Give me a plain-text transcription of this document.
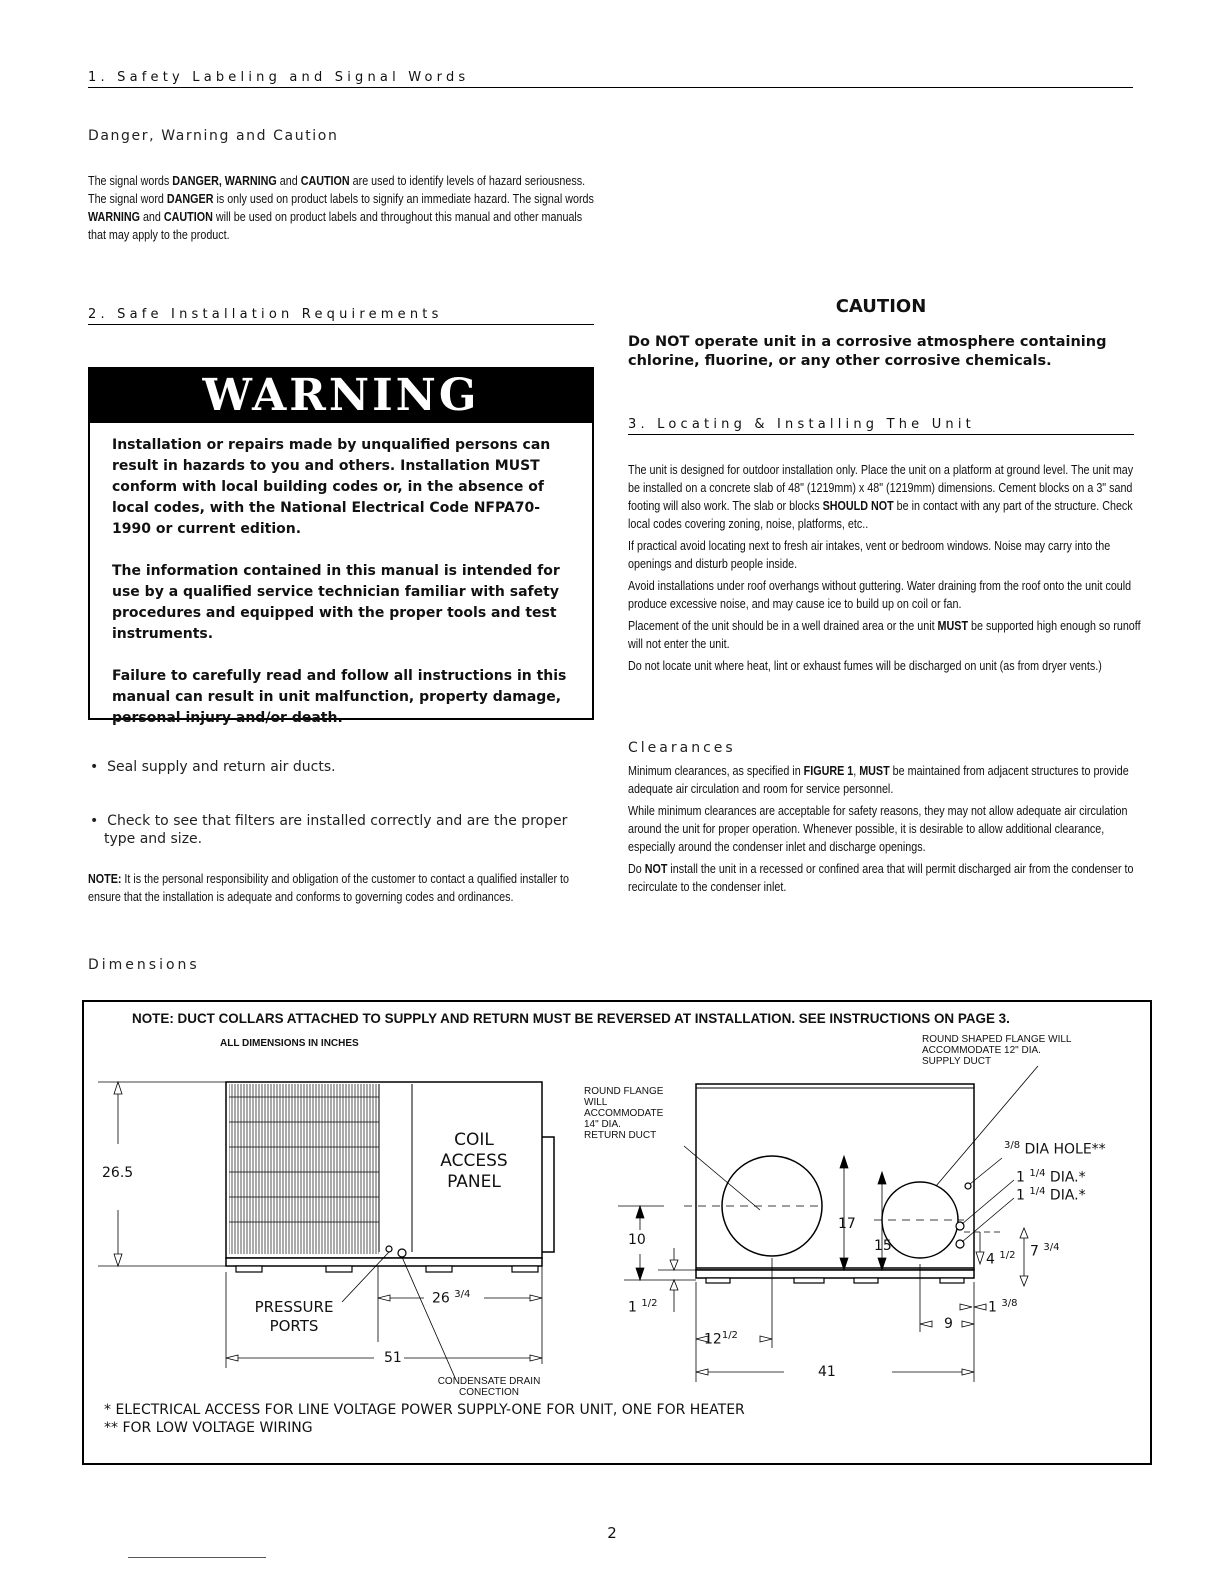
1. Safety Labeling and Signal Words
Danger, Warning and Caution
The signal words DANGER, WARNING and CAUTION are used to identify levels of hazard seriousness. The signal word DANGER is only used on product labels to signify an immediate hazard. The signal words WARNING and CAUTION will be used on product labels and throughout this manual and other manuals that may apply to the product.
2. Safe Installation Requirements
WARNING

Installation or repairs made by unqualified persons can result in hazards to you and others. Installation MUST conform with local building codes or, in the absence of local codes, with the National Electrical Code NFPA70-1990 or current edition.

The information contained in this manual is intended for use by a qualified service technician familiar with safety procedures and equipped with the proper tools and test instruments.

Failure to carefully read and follow all instructions in this manual can result in unit malfunction, property damage, personal injury and/or death.

•  Seal supply and return air ducts.
•  Check to see that filters are installed correctly and are the proper type and size.
NOTE: It is the personal responsibility and obligation of the customer to contact a qualified installer to ensure that the installation is adequate and conforms to governing codes and ordinances.
CAUTION
Do NOT operate unit in a corrosive atmosphere containing chlorine, fluorine, or any other corrosive chemicals.
3. Locating & Installing The Unit
The unit is designed for outdoor installation only. Place the unit on a platform at ground level. The unit may be installed on a concrete slab of 48" (1219mm) x 48" (1219mm) dimensions. Cement blocks on a 3" sand footing will also work. The slab or blocks SHOULD NOT be in contact with any part of the structure. Check local codes covering zoning, noise, platforms, etc..
If practical avoid locating next to fresh air intakes, vent or bedroom windows. Noise may carry into the openings and disturb people inside.
Avoid installations under roof overhangs without guttering. Water draining from the roof onto the unit could produce excessive noise, and may cause ice to build up on coil or fan.
Placement of the unit should be in a well drained area or the unit MUST be supported high enough so runoff will not enter the unit.
Do not locate unit where heat, lint or exhaust fumes will be discharged on unit (as from dryer vents.)
Clearances
Minimum clearances, as specified in FIGURE 1, MUST be maintained from adjacent structures to provide adequate air circulation and room for service personnel.
While minimum clearances are acceptable for safety reasons, they may not allow adequate air circulation around the unit for proper operation. Whenever possible, it is desirable to allow additional clearance, especially around the condenser inlet and discharge openings.
Do NOT install the unit in a recessed or confined area that will permit discharged air from the condenser to recirculate to the condenser inlet.
Dimensions
NOTE: DUCT COLLARS ATTACHED TO SUPPLY AND RETURN MUST BE REVERSED AT INSTALLATION. SEE INSTRUCTIONS ON PAGE 3.
ALL DIMENSIONS IN INCHES	ROUND SHAPED FLANGE WILL
ACCOMMODATE 12" DIA.
SUPPLY DUCT
ROUND FLANGE
WILL
ACCOMMODATE
14" DIA.
RETURN DUCT
COIL
ACCESS
PANEL
PRESSURE
PORTS
CONDENSATE DRAIN
CONECTION
26.5
26 $^{3/4}$
51
10
1 $^{1/2}$
$12^{1/2}$
17
15
41
9
1 $^{3/8}$
4 $^{1/2}$ 7 $^{3/4}$
$^{3/8}$ DIA HOLE**
1 $^{1/4}$ DIA.*
1 $^{1/4}$ DIA.*
* ELECTRICAL ACCESS FOR LINE VOLTAGE POWER SUPPLY-ONE FOR UNIT, ONE FOR HEATER
** FOR LOW VOLTAGE WIRING
2
